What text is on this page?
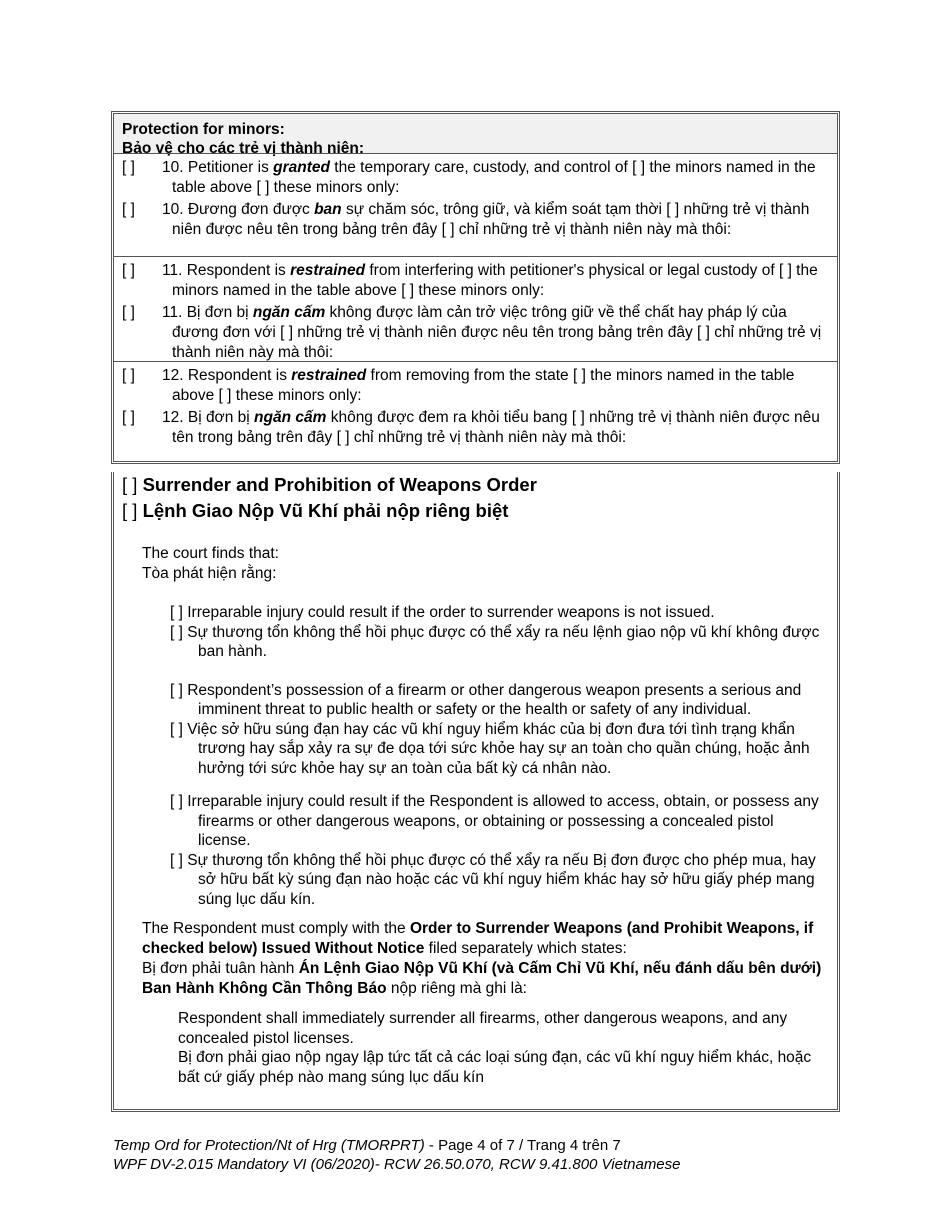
Protection for minors:
Bảo vệ cho các trẻ vị thành niên:
[ ]	10. Petitioner is granted the temporary care, custody, and control of [ ] the minors named in the table above [ ] these minors only:
[ ]	10. Đương đơn được ban sự chăm sóc, trông giữ, và kiểm soát tạm thời [ ] những trẻ vị thành niên được nêu tên trong bảng trên đây [ ] chỉ những trẻ vị thành niên này mà thôi:
[ ]	11. Respondent is restrained from interfering with petitioner's physical or legal custody of [ ] the minors named in the table above [ ] these minors only:
[ ]	11. Bị đơn bị ngăn cấm không được làm cản trở việc trông giữ về thể chất hay pháp lý của đương đơn với [ ] những trẻ vị thành niên được nêu tên trong bảng trên đây [ ] chỉ những trẻ vị thành niên này mà thôi:
[ ]	12. Respondent is restrained from removing from the state [ ] the minors named in the table above [ ] these minors only:
[ ]	12. Bị đơn bị ngăn cấm không được đem ra khỏi tiểu bang [ ] những trẻ vị thành niên được nêu tên trong bảng trên đây [ ] chỉ những trẻ vị thành niên này mà thôi:
[ ] Surrender and Prohibition of Weapons Order
[ ] Lệnh Giao Nộp Vũ Khí phải nộp riêng biệt
The court finds that:
Tòa phát hiện rằng:
[ ] Irreparable injury could result if the order to surrender weapons is not issued.
[ ] Sự thương tổn không thể hồi phục được có thể xẩy ra nếu lệnh giao nộp vũ khí không được ban hành.
[ ] Respondent’s possession of a firearm or other dangerous weapon presents a serious and imminent threat to public health or safety or the health or safety of any individual.
[ ] Việc sở hữu súng đạn hay các vũ khí nguy hiểm khác của bị đơn đưa tới tình trạng khẩn trương hay sắp xảy ra sự đe dọa tới sức khỏe hay sự an toàn cho quần chúng, hoặc ảnh hưởng tới sức khỏe hay sự an toàn của bất kỳ cá nhân nào.
[ ] Irreparable injury could result if the Respondent is allowed to access, obtain, or possess any firearms or other dangerous weapons, or obtaining or possessing a concealed pistol license.
[ ] Sự thương tổn không thể hồi phục được có thể xẩy ra nếu Bị đơn được cho phép mua, hay sở hữu bất kỳ súng đạn nào hoặc các vũ khí nguy hiểm khác hay sở hữu giấy phép mang súng lục dấu kín.
The Respondent must comply with the Order to Surrender Weapons (and Prohibit Weapons, if checked below) Issued Without Notice filed separately which states:
Bị đơn phải tuân hành Án Lệnh Giao Nộp Vũ Khí (và Cấm Chỉ Vũ Khí, nếu đánh dấu bên dưới) Ban Hành Không Cần Thông Báo nộp riêng mà ghi là:
Respondent shall immediately surrender all firearms, other dangerous weapons, and any concealed pistol licenses.
Bị đơn phải giao nộp ngay lập tức tất cả các loại súng đạn, các vũ khí nguy hiểm khác, hoặc bất cứ giấy phép nào mang súng lục dấu kín
Temp Ord for Protection/Nt of Hrg (TMORPRT) - Page 4 of 7 / Trang 4 trên 7
WPF DV-2.015 Mandatory VI (06/2020)- RCW 26.50.070, RCW 9.41.800 Vietnamese
